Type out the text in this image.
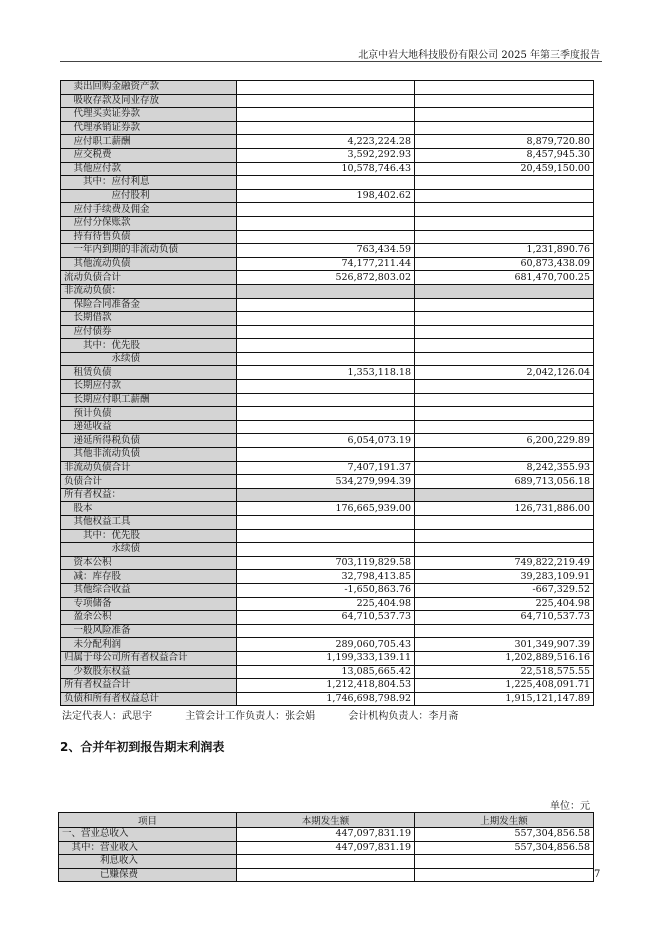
北京中岩大地科技股份有限公司 2025 年第三季度报告
　卖出回购金融资产款		
　吸收存款及同业存放		
　代理买卖证券款		
　代理承销证券款		
　应付职工薪酬	4,223,224.28	8,879,720.80
　应交税费	3,592,292.93	8,457,945.30
　其他应付款	10,578,746.43	20,459,150.00
　　其中：应付利息		
　　　　　应付股利	198,402.62	
　应付手续费及佣金		
　应付分保账款		
　持有待售负债		
　一年内到期的非流动负债	763,434.59	1,231,890.76
　其他流动负债	74,177,211.44	60,873,438.09
流动负债合计	526,872,803.02	681,470,700.25
非流动负债：		
　保险合同准备金		
　长期借款		
　应付债券		
　　其中：优先股		
　　　　　永续债		
　租赁负债	1,353,118.18	2,042,126.04
　长期应付款		
　长期应付职工薪酬		
　预计负债		
　递延收益		
　递延所得税负债	6,054,073.19	6,200,229.89
　其他非流动负债		
非流动负债合计	7,407,191.37	8,242,355.93
负债合计	534,279,994.39	689,713,056.18
所有者权益：		
　股本	176,665,939.00	126,731,886.00
　其他权益工具		
　　其中：优先股		
　　　　　永续债		
　资本公积	703,119,829.58	749,822,219.49
　减：库存股	32,798,413.85	39,283,109.91
　其他综合收益	-1,650,863.76	-667,329.52
　专项储备	225,404.98	225,404.98
　盈余公积	64,710,537.73	64,710,537.73
　一般风险准备		
　未分配利润	289,060,705.43	301,349,907.39
归属于母公司所有者权益合计	1,199,333,139.11	1,202,889,516.16
　少数股东权益	13,085,665.42	22,518,575.55
所有者权益合计	1,212,418,804.53	1,225,408,091.71
负债和所有者权益总计	1,746,698,798.92	1,915,121,147.89
法定代表人：武思宇	主管会计工作负责人：张会娟	会计机构负责人：李月斋
2、合并年初到报告期末利润表
单位：元
项目	本期发生额	上期发生额
一、营业总收入	447,097,831.19	557,304,856.58
　其中：营业收入	447,097,831.19	557,304,856.58
　　　　利息收入		
　　　　已赚保费			7
